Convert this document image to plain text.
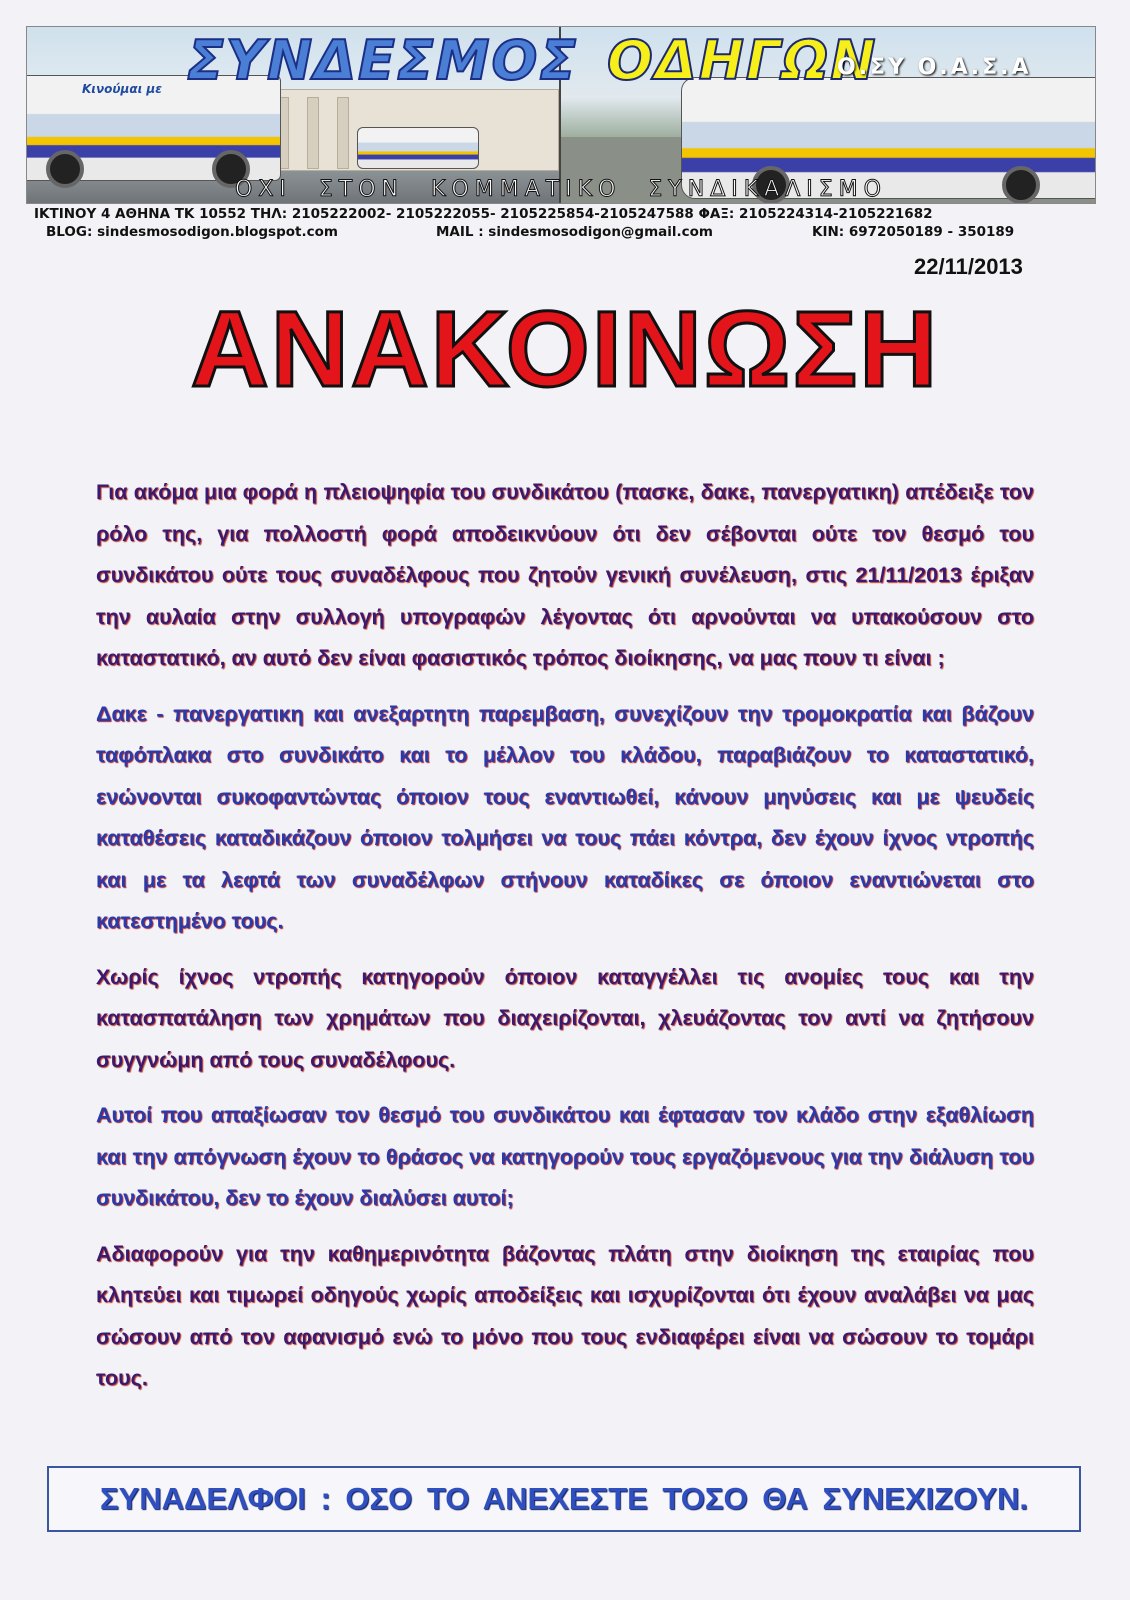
Κινούμαι με ΣΥΝΔΕΣΜΟΣ ΟΔΗΓΩΝ
Ο.ΣΥ Ο.Α.Σ.Α
ΟΧΙ ΣΤΟΝ ΚΟΜΜΑΤΙΚΟ ΣΥΝΔΙΚΑΛΙΣΜΟ
ΙΚΤΙΝΟΥ 4 ΑΘΗΝΑ ΤΚ 10552 ΤΗΛ: 2105222002- 2105222055- 2105225854-2105247588 ΦΑΞ: 2105224314-2105221682
BLOG: sindesmosodigon.blogspot.com	MAIL : sindesmosodigon@gmail.com	ΚΙΝ: 6972050189 - 350189
22/11/2013
ΑΝΑΚΟΙΝΩΣΗ

Για ακόμα μια φορά η πλειοψηφία του συνδικάτου (πασκε, δακε, πανεργατικη) απέδειξε τον ρόλο της, για πολλοστή φορά αποδεικνύουν ότι δεν σέβονται ούτε τον θεσμό του συνδικάτου ούτε τους συναδέλφους που ζητούν γενική συνέλευση, στις 21/11/2013 έριξαν την αυλαία στην συλλογή υπογραφών λέγοντας ότι αρνούνται να υπακούσουν στο καταστατικό, αν αυτό δεν είναι φασιστικός τρόπος διοίκησης, να μας πουν τι είναι ;

Δακε - πανεργατικη και ανεξαρτητη παρεμβαση, συνεχίζουν την τρομοκρατία και βάζουν ταφόπλακα στο συνδικάτο και το μέλλον του κλάδου, παραβιάζουν το καταστατικό, ενώνονται συκοφαντώντας όποιον τους εναντιωθεί, κάνουν μηνύσεις και με ψευδείς καταθέσεις καταδικάζουν όποιον τολμήσει να τους πάει κόντρα, δεν έχουν ίχνος ντροπής και με τα λεφτά των συναδέλφων στήνουν καταδίκες σε όποιον εναντιώνεται στο κατεστημένο τους.

Χωρίς ίχνος ντροπής κατηγορούν όποιον καταγγέλλει τις ανομίες τους και την κατασπατάληση των χρημάτων που διαχειρίζονται, χλευάζοντας τον αντί να ζητήσουν συγγνώμη από τους συναδέλφους.

Αυτοί που απαξίωσαν τον θεσμό του συνδικάτου και έφτασαν τον κλάδο στην εξαθλίωση και την απόγνωση έχουν το θράσος να κατηγορούν τους εργαζόμενους για την διάλυση του συνδικάτου, δεν το έχουν διαλύσει αυτοί;

Αδιαφορούν για την καθημερινότητα βάζοντας πλάτη στην διοίκηση της εταιρίας που κλητεύει και τιμωρεί οδηγούς χωρίς αποδείξεις και ισχυρίζονται ότι έχουν αναλάβει να μας σώσουν από τον αφανισμό ενώ το μόνο που τους ενδιαφέρει είναι να σώσουν το τομάρι τους.

ΣΥΝΑΔΕΛΦΟΙ : ΟΣΟ ΤΟ ΑΝΕΧΕΣΤΕ ΤΟΣΟ ΘΑ ΣΥΝΕΧΙΖΟΥΝ.
